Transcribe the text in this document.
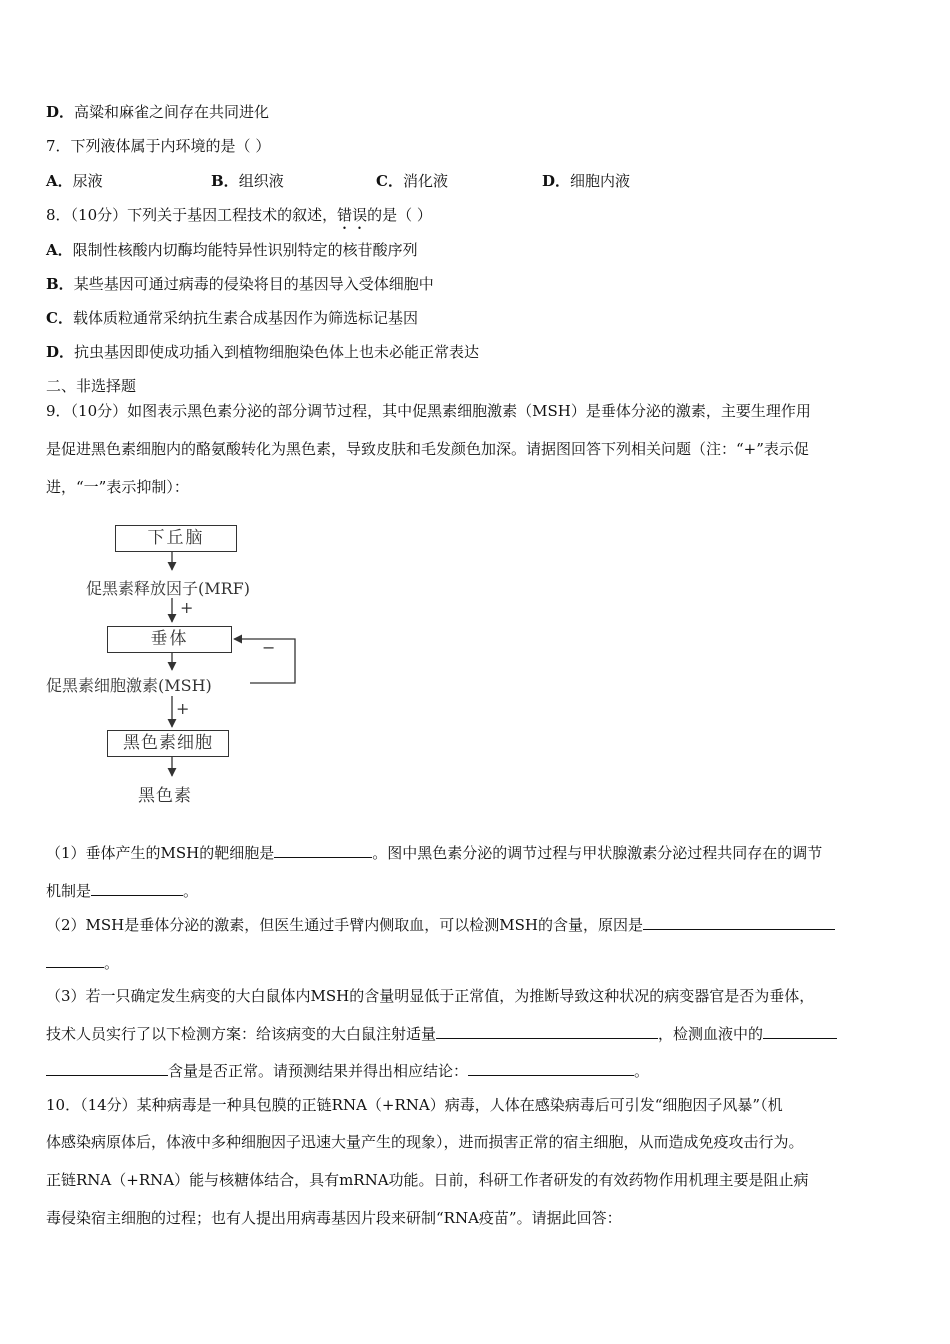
D．高粱和麻雀之间存在共同进化
7．下列液体属于内环境的是（ ）
A．尿液	B．组织液	C．消化液	D．细胞内液
8．（10分）下列关于基因工程技术的叙述，错误的是（ ）
A．限制性核酸内切酶均能特异性识别特定的核苷酸序列
B．某些基因可通过病毒的侵染将目的基因导入受体细胞中
C．载体质粒通常采纳抗生素合成基因作为筛选标记基因
D．抗虫基因即使成功插入到植物细胞染色体上也未必能正常表达
二、非选择题
9．（10分）如图表示黑色素分泌的部分调节过程，其中促黑素细胞激素（MSH）是垂体分泌的激素，主要生理作用
是促进黑色素细胞内的酪氨酸转化为黑色素，导致皮肤和毛发颜色加深。请据图回答下列相关问题（注：“+”表示促
进，“一”表示抑制）：
下丘脑
促黑素释放因子(MRF)
+
垂体	−
促黑素细胞激素(MSH)
+
黑色素细胞
黑色素
（1）垂体产生的MSH的靶细胞是	。图中黑色素分泌的调节过程与甲状腺激素分泌过程共同存在的调节
机制是	。
（2）MSH是垂体分泌的激素，但医生通过手臂内侧取血，可以检测MSH的含量，原因是
。
（3）若一只确定发生病变的大白鼠体内MSH的含量明显低于正常值，为推断导致这种状况的病变器官是否为垂体，
技术人员实行了以下检测方案：给该病变的大白鼠注射适量	，检测血液中的
含量是否正常。请预测结果并得出相应结论：	。
10．（14分）某种病毒是一种具包膜的正链RNA（+RNA）病毒，人体在感染病毒后可引发“细胞因子风暴”（机
体感染病原体后，体液中多种细胞因子迅速大量产生的现象），进而损害正常的宿主细胞，从而造成免疫攻击行为。
正链RNA（+RNA）能与核糖体结合，具有mRNA功能。日前，科研工作者研发的有效药物作用机理主要是阻止病
毒侵染宿主细胞的过程；也有人提出用病毒基因片段来研制“RNA疫苗”。请据此回答：
